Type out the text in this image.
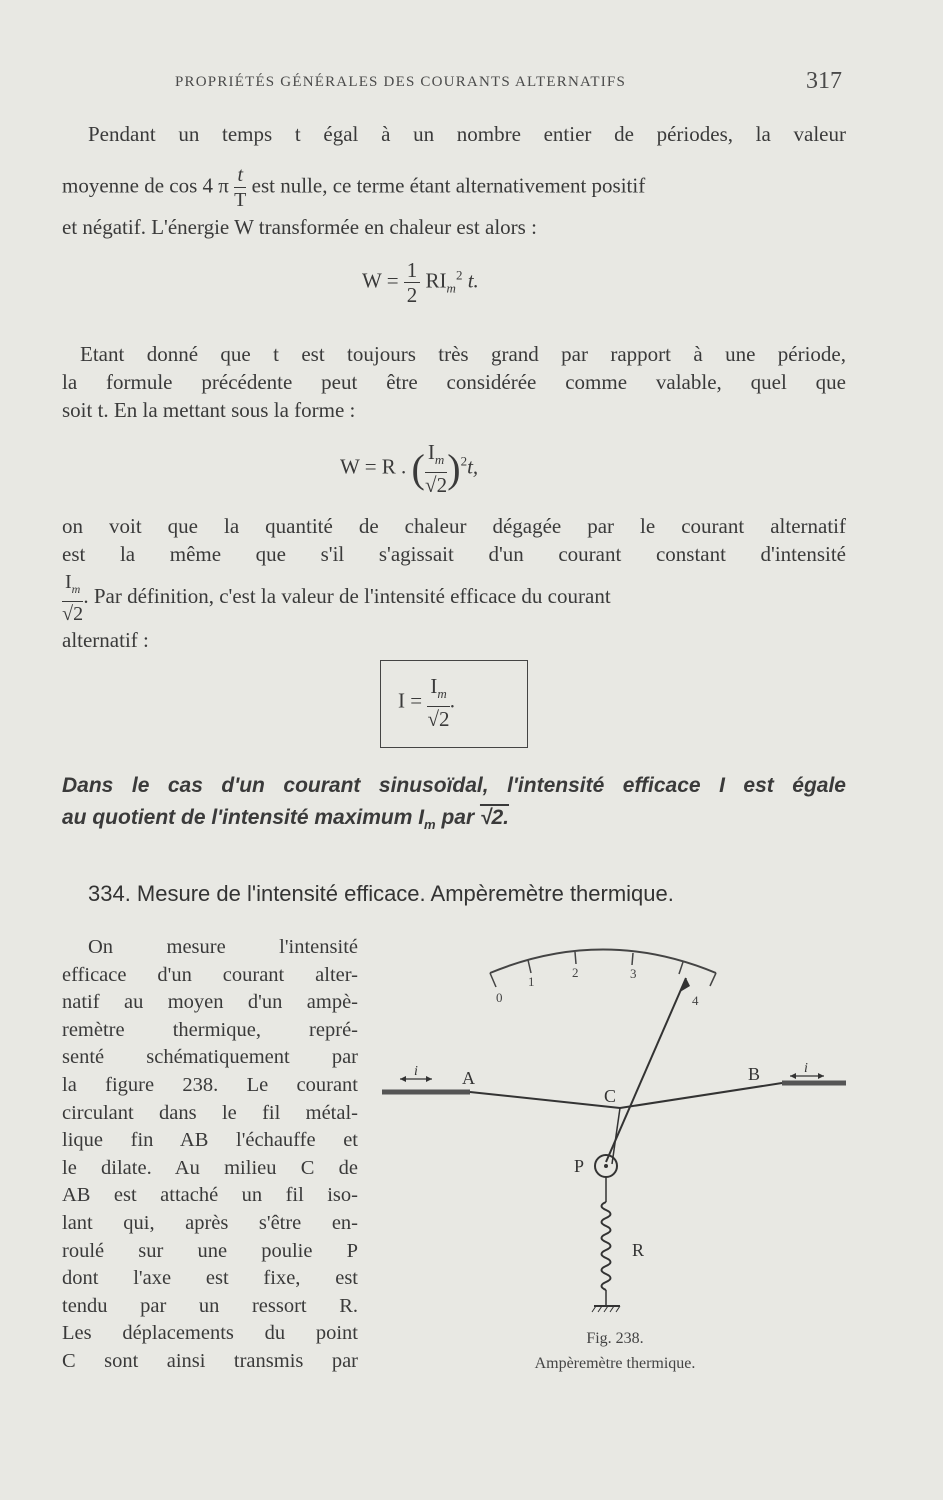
PROPRIÉTÉS GÉNÉRALES DES COURANTS ALTERNATIFS	317
Pendant un temps t égal à un nombre entier de périodes, la valeur
moyenne de cos 4 π $\frac{t}{T}$ est nulle, ce terme étant alternativement positif
et négatif. L'énergie W transformée en chaleur est alors :
$W = \frac{1}{2} RI_m^2$ t.
Etant donné que t est toujours très grand par rapport à une période,
la formule précédente peut être considérée comme valable, quel que
soit t. En la mettant sous la forme :
W = R . ( $\frac{I_m}{√2} )^2t$,
on voit que la quantité de chaleur dégagée par le courant alternatif
est la même que s'il s'agissait d'un courant constant d'intensité
$\frac{I_m}{√2}$ . Par définition, c'est la valeur de l'intensité efficace du courant
alternatif :
$I = \frac{I_m}{√2}$ .
Dans le cas d'un courant sinusoïdal, l'intensité efficace I est égale
au quotient de l'intensité maximum $I_m$ par √2.
334. Mesure de l'intensité efficace. Ampèremètre thermique.
On mesure l'intensité
efficace d'un courant alter-
natif au moyen d'un ampè-
remètre thermique, repré-
senté schématiquement par
la figure 238. Le courant
circulant dans le fil métal-
lique fin AB l'échauffe et
le dilate. Au milieu C de
AB est attaché un fil iso-
lant qui, après s'être en-
roulé sur une poulie P
dont l'axe est fixe, est
tendu par un ressort R.
Les déplacements du point
C sont ainsi transmis par
0
1
2	3
4
A	B
C
P
R
i	i
Fig. 238.
Ampèremètre thermique.
